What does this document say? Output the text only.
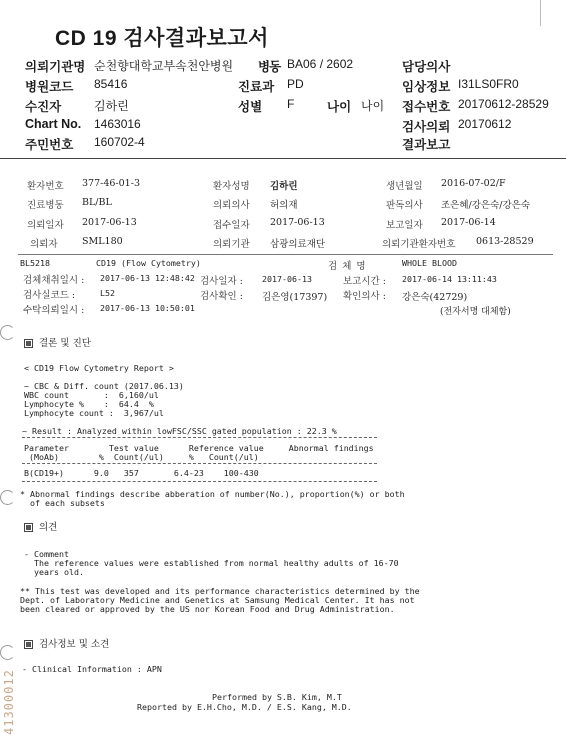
CD 19 검사결과보고서
의뢰기관명 순천향대학교부속천안병원 병동 BA06 / 2602	담당의사
병원코드 85416	진료과 PD	임상정보 I31LS0FR0
수진자	김하린	성별 F	나이 나이 접수번호 20170612-28529
Chart No. 1463016	검사의뢰 20170612
주민번호 160702-4	결과보고
환자번호 377-46-01-3	환자성명 김하린	생년월일 2016-07-02/F
진료병동 BL/BL	의뢰의사 허의재	판독의사 조은혜/강은숙/강은숙
의뢰일자 2017-06-13	접수일자 2017-06-13	보고일자 2017-06-14
의뢰자	SML180	의뢰기관 삼광의료재단	의뢰기관환자번호 0613-28529
BL5218	CD19 (Flow Cytometry)	검 체 명	WHOLE BLOOD
검체채취일시 : 2017-06-13 12:48:42 검사일자 : 2017-06-13	보고시간 : 2017-06-14 13:11:43
검사실코드 :	L52	검사확인 : 김은영(17397) 확인의사 : 강은숙(42729)
수탁의뢰일시 : 2017-06-13 10:50:01	(전자서명 대체함)
결론 및 진단
< CD19 Flow Cytometry Report >
~ CBC & Diff. count (2017.06.13)
WBC count       :  6,160/ul
Lymphocyte %    :  64.4  %
Lymphocyte count :  3,967/ul
~ Result : Analyzed within lowFSC/SSC gated population : 22.3 %
Parameter        Test value      Reference value     Abnormal findings
(MoAb)        %  Count(/ul)     %   Count(/ul)
B(CD19+)      9.0   357       6.4-23    100-430
* Abnormal findings describe abberation of number(No.), proportion(%) or both
of each subsets
의견
- Comment
The reference values were established from normal healthy adults of 16-70
years old.
** This test was developed and its performance characteristics determined by the
Dept. of Laboratory Medicine and Genetics at Samsung Medical Center. It has not
been cleared or approved by the US nor Korean Food and Drug Administration.
검사정보 및 소견
- Clinical Information : APN
Performed by S.B. Kim, M.T
Reported by E.H.Cho, M.D. / E.S. Kang, M.D.
41300012
